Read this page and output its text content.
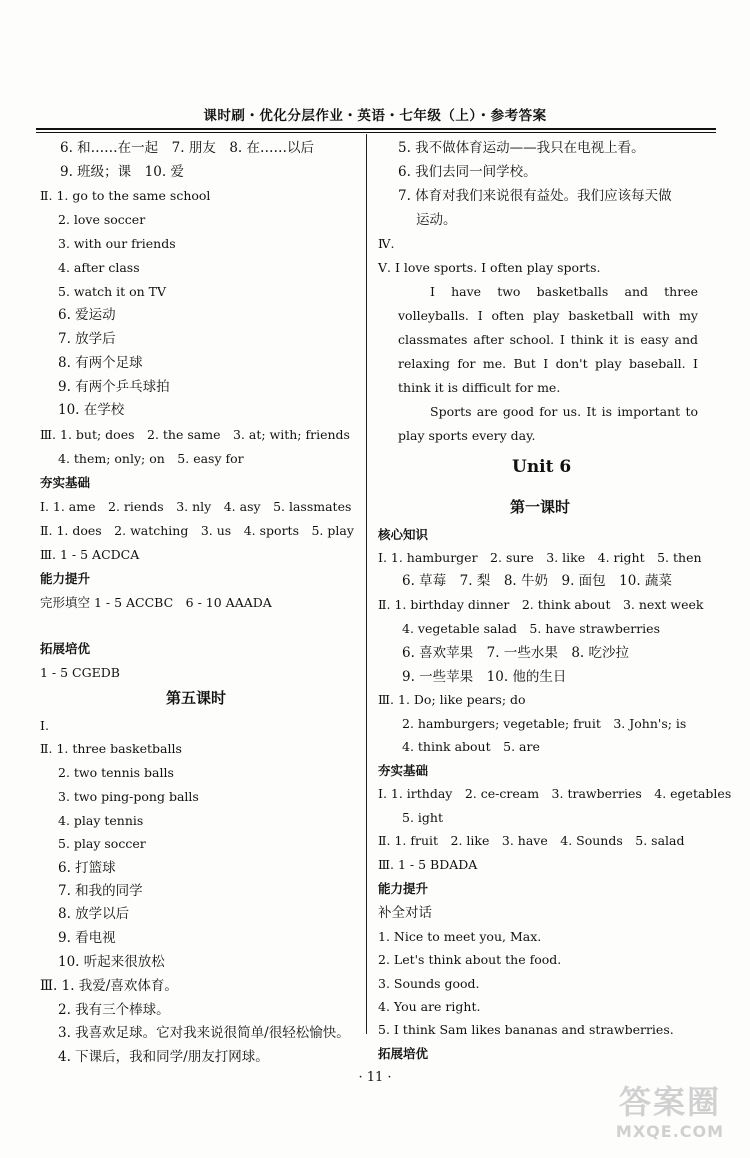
课时刷・优化分层作业・英语・七年级（上）・参考答案
6. 和……在一起　7. 朋友　8. 在……以后
9. 班级；课　10. 爱
Ⅱ. 1. go to the same school
2. love soccer
3. with our friends
4. after class
5. watch it on TV
6. 爱运动
7. 放学后
8. 有两个足球
9. 有两个乒乓球拍
10. 在学校
Ⅲ. 1. but; does　2. the same　3. at; with; friends
4. them; only; on　5. easy for
夯实基础
Ⅰ. 1. ame　2. riends　3. nly　4. asy　5. lassmates
Ⅱ. 1. does　2. watching　3. us　4. sports　5. play
Ⅲ. 1 - 5 ACDCA
能力提升
完形填空 1 - 5 ACCBC　6 - 10 AAADA
拓展培优
1 - 5 CGEDB
第五课时
Ⅰ.
Ⅱ. 1. three basketballs
2. two tennis balls
3. two ping-pong balls
4. play tennis
5. play soccer
6. 打篮球
7. 和我的同学
8. 放学以后
9. 看电视
10. 听起来很放松
Ⅲ. 1. 我爱/喜欢体育。
2. 我有三个棒球。
3. 我喜欢足球。它对我来说很简单/很轻松愉快。
4. 下课后，我和同学/朋友打网球。
5. 我不做体育运动——我只在电视上看。
6. 我们去同一间学校。
7. 体育对我们来说很有益处。我们应该每天做
运动。
Ⅳ.
Ⅴ. I love sports. I often play sports.

I have two basketballs and three volleyballs. I often play basketball with my classmates after school. I think it is easy and relaxing for me. But I don't play baseball. I think it is difficult for me.

Sports are good for us. It is important to play sports every day.

Unit 6
第一课时
核心知识
Ⅰ. 1. hamburger　2. sure　3. like　4. right　5. then
6. 草莓　7. 梨　8. 牛奶　9. 面包　10. 蔬菜
Ⅱ. 1. birthday dinner　2. think about　3. next week
4. vegetable salad　5. have strawberries
6. 喜欢苹果　7. 一些水果　8. 吃沙拉
9. 一些苹果　10. 他的生日
Ⅲ. 1. Do; like pears; do
2. hamburgers; vegetable; fruit　3. John's; is
4. think about　5. are
夯实基础
Ⅰ. 1. irthday　2. ce-cream　3. trawberries　4. egetables
5. ight
Ⅱ. 1. fruit　2. like　3. have　4. Sounds　5. salad
Ⅲ. 1 - 5 BDADA
能力提升
补全对话
1. Nice to meet you, Max.
2. Let's think about the food.
3. Sounds good.
4. You are right.
5. I think Sam likes bananas and strawberries.
拓展培优
· 11 ·
答案圈
MXQE.COM
